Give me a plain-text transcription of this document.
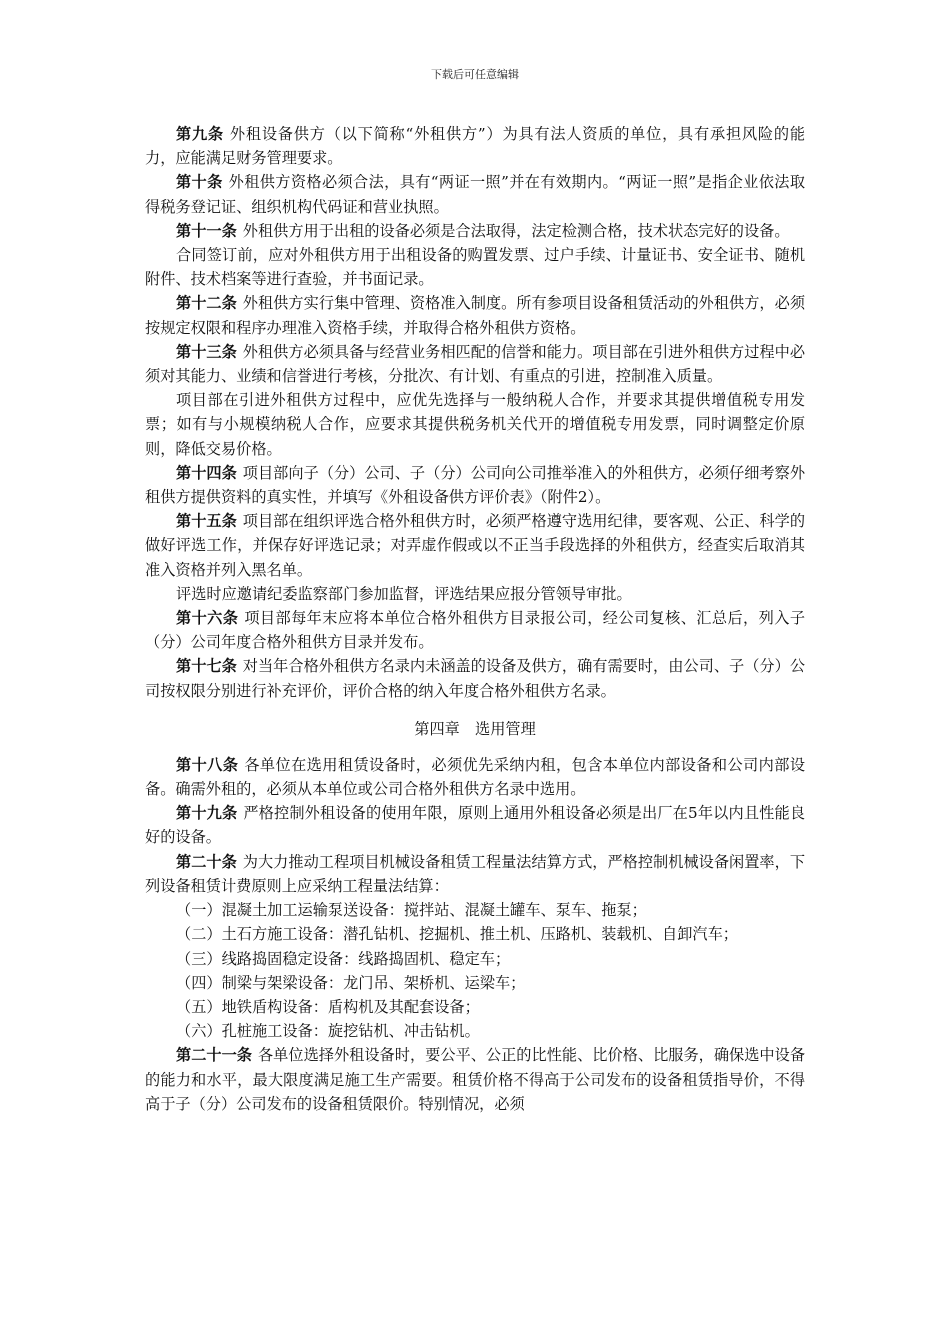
下载后可任意编辑

第九条 外租设备供方（以下简称“外租供方”）为具有法人资质的单位，具有承担风险的能力，应能满足财务管理要求。

第十条 外租供方资格必须合法，具有“两证一照”并在有效期内。“两证一照”是指企业依法取得税务登记证、组织机构代码证和营业执照。

第十一条 外租供方用于出租的设备必须是合法取得，法定检测合格，技术状态完好的设备。

合同签订前，应对外租供方用于出租设备的购置发票、过户手续、计量证书、安全证书、随机附件、技术档案等进行查验，并书面记录。

第十二条 外租供方实行集中管理、资格准入制度。所有参项目设备租赁活动的外租供方，必须按规定权限和程序办理准入资格手续，并取得合格外租供方资格。

第十三条 外租供方必须具备与经营业务相匹配的信誉和能力。项目部在引进外租供方过程中必须对其能力、业绩和信誉进行考核，分批次、有计划、有重点的引进，控制准入质量。

项目部在引进外租供方过程中，应优先选择与一般纳税人合作，并要求其提供增值税专用发票；如有与小规模纳税人合作，应要求其提供税务机关代开的增值税专用发票，同时调整定价原则，降低交易价格。

第十四条 项目部向子（分）公司、子（分）公司向公司推举准入的外租供方，必须仔细考察外租供方提供资料的真实性，并填写《外租设备供方评价表》（附件2）。

第十五条 项目部在组织评选合格外租供方时，必须严格遵守选用纪律，要客观、公正、科学的做好评选工作，并保存好评选记录；对弄虚作假或以不正当手段选择的外租供方，经查实后取消其准入资格并列入黑名单。

评选时应邀请纪委监察部门参加监督，评选结果应报分管领导审批。

第十六条 项目部每年末应将本单位合格外租供方目录报公司，经公司复核、汇总后，列入子（分）公司年度合格外租供方目录并发布。

第十七条 对当年合格外租供方名录内未涵盖的设备及供方，确有需要时，由公司、子（分）公司按权限分别进行补充评价，评价合格的纳入年度合格外租供方名录。

第四章　选用管理

第十八条 各单位在选用租赁设备时，必须优先采纳内租，包含本单位内部设备和公司内部设备。确需外租的，必须从本单位或公司合格外租供方名录中选用。

第十九条 严格控制外租设备的使用年限，原则上通用外租设备必须是出厂在5年以内且性能良好的设备。

第二十条 为大力推动工程项目机械设备租赁工程量法结算方式，严格控制机械设备闲置率，下列设备租赁计费原则上应采纳工程量法结算：

（一）混凝土加工运输泵送设备：搅拌站、混凝土罐车、泵车、拖泵；

（二）土石方施工设备：潜孔钻机、挖掘机、推土机、压路机、装载机、自卸汽车；

（三）线路捣固稳定设备：线路捣固机、稳定车；

（四）制梁与架梁设备：龙门吊、架桥机、运梁车；

（五）地铁盾构设备：盾构机及其配套设备；

（六）孔桩施工设备：旋挖钻机、冲击钻机。

第二十一条 各单位选择外租设备时，要公平、公正的比性能、比价格、比服务，确保选中设备的能力和水平，最大限度满足施工生产需要。租赁价格不得高于公司发布的设备租赁指导价，不得高于子（分）公司发布的设备租赁限价。特别情况，必须
